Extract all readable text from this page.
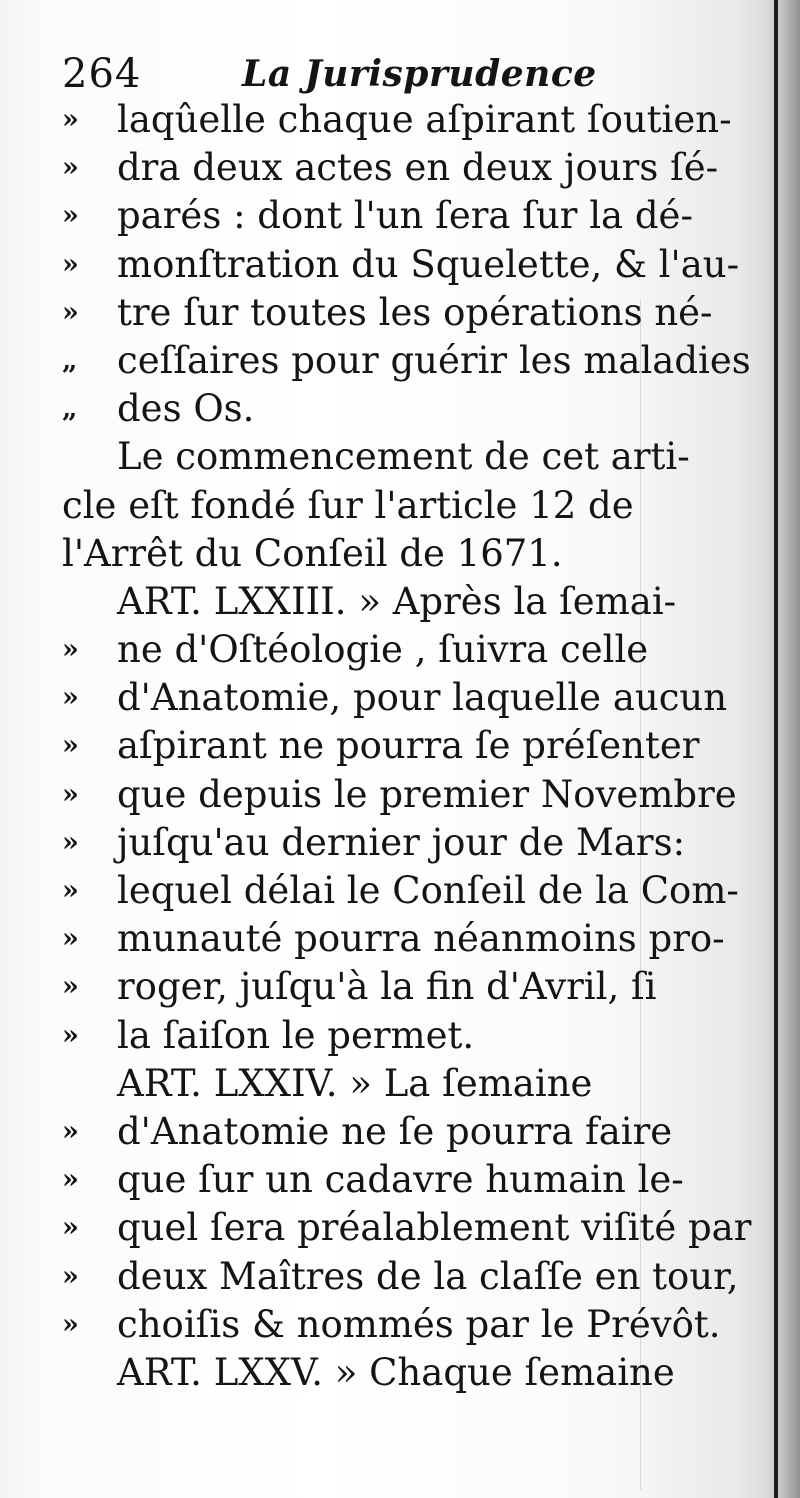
264	La Jurisprudence
» laqûelle chaque aſpirant ſoutien-
» dra deux actes en deux jours ſé-
» parés : dont l'un ſera ſur la dé-
» monſtration du Squelette, & l'au-
» tre ſur toutes les opérations né-
„ ceſſaires pour guérir les maladies
„ des Os.
Le commencement de cet arti-
cle eſt fondé ſur l'article 12 de
l'Arrêt du Conſeil de 1671.
ART. LXXIII. » Après la ſemai-
» ne d'Oſtéologie , ſuivra celle
» d'Anatomie, pour laquelle aucun
» aſpirant ne pourra ſe préſenter
» que depuis le premier Novembre
» juſqu'au dernier jour de Mars:
» lequel délai le Conſeil de la Com-
» munauté pourra néanmoins pro-
» roger, juſqu'à la fin d'Avril, ſi
» la ſaiſon le permet.
ART. LXXIV. » La ſemaine
» d'Anatomie ne ſe pourra faire
» que ſur un cadavre humain le-
» quel ſera préalablement viſité par
» deux Maîtres de la claſſe en tour,
» choiſis & nommés par le Prévôt.
ART. LXXV. » Chaque ſemaine
